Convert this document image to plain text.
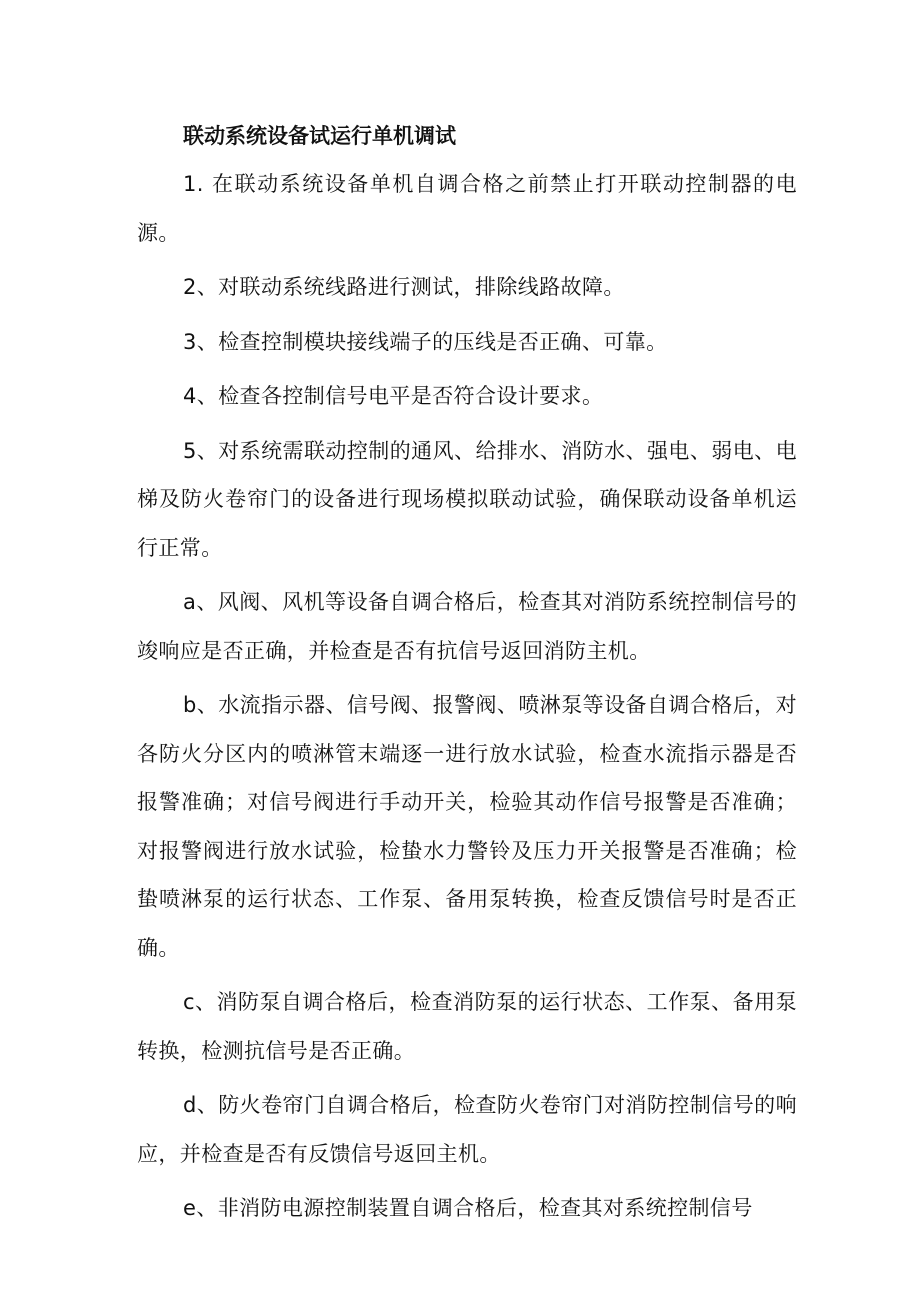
联动系统设备试运行单机调试

1. 在联动系统设备单机自调合格之前禁止打开联动控制器的电源。

2、对联动系统线路进行测试，排除线路故障。

3、检查控制模块接线端子的压线是否正确、可靠。

4、检查各控制信号电平是否符合设计要求。

5、对系统需联动控制的通风、给排水、消防水、强电、弱电、电梯及防火卷帘门的设备进行现场模拟联动试验，确保联动设备单机运行正常。

a、风阀、风机等设备自调合格后，检查其对消防系统控制信号的竣响应是否正确，并检查是否有抗信号返回消防主机。

b、水流指示器、信号阀、报警阀、喷淋泵等设备自调合格后，对各防火分区内的喷淋管末端逐一进行放水试验，检查水流指示器是否报警准确；对信号阀进行手动开关，检验其动作信号报警是否准确；对报警阀进行放水试验，检蛰水力警铃及压力开关报警是否准确；检蛰喷淋泵的运行状态、工作泵、备用泵转换，检查反馈信号时是否正确。

c、消防泵自调合格后，检查消防泵的运行状态、工作泵、备用泵转换，检测抗信号是否正确。

d、防火卷帘门自调合格后，检查防火卷帘门对消防控制信号的响应，并检查是否有反馈信号返回主机。

e、非消防电源控制装置自调合格后，检查其对系统控制信号
